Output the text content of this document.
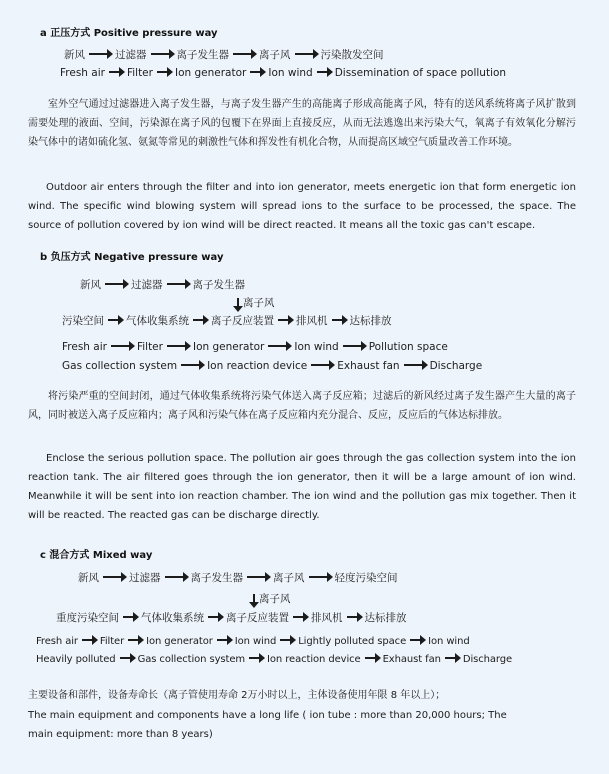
a 正压方式 Positive pressure way
新风	过滤器	离子发生器	离子风	污染散发空间
Fresh air Filter Ion generator Ion wind Dissemination of space pollution
室外空气通过过滤器进入离子发生器，与离子发生器产生的高能离子形成高能离子风，特有的送风系统将离子风扩散到需要处理的液面、空间，污染源在离子风的包覆下在界面上直接反应，从而无法逃逸出来污染大气，氧离子有效氧化分解污染气体中的诸如硫化氢、氨氮等常见的刺激性气体和挥发性有机化合物，从而提高区域空气质量改善工作环境。
Outdoor air enters through the filter and into ion generator, meets energetic ion that form energetic ion wind. The specific wind blowing system will spread ions to the surface to be processed, the space. The source of pollution covered by ion wind will be direct reacted. It means all the toxic gas can't escape.
b 负压方式 Negative pressure way
新风	过滤器	离子发生器
离子风
污染空间 气体收集系统 离子反应装置 排风机 达标排放
Fresh air	Filter	Ion generator	Ion wind	Pollution space
Gas collection system	Ion reaction device	Exhaust fan	Discharge
将污染严重的空间封闭，通过气体收集系统将污染气体送入离子反应箱；过滤后的新风经过离子发生器产生大量的离子风，同时被送入离子反应箱内；离子风和污染气体在离子反应箱内充分混合、反应，反应后的气体达标排放。
Enclose the serious pollution space. The pollution air goes through the gas collection system into the ion reaction tank. The air filtered goes through the ion generator, then it will be a large amount of ion wind. Meanwhile it will be sent into ion reaction chamber. The ion wind and the pollution gas mix together. Then it will be reacted. The reacted gas can be discharge directly.
c 混合方式 Mixed way
新风	过滤器	离子发生器	离子风	轻度污染空间
离子风
重度污染空间 气体收集系统 离子反应装置 排风机 达标排放
Fresh air Filter Ion generator Ion wind Lightly polluted space Ion wind
Heavily polluted Gas collection system Ion reaction device Exhaust fan Discharge
主要设备和部件，设备寿命长（离子管使用寿命 2万小时以上，主体设备使用年限 8 年以上）；
The main equipment and components have a long life ( ion tube : more than 20,000 hours; The
main equipment: more than 8 years)
